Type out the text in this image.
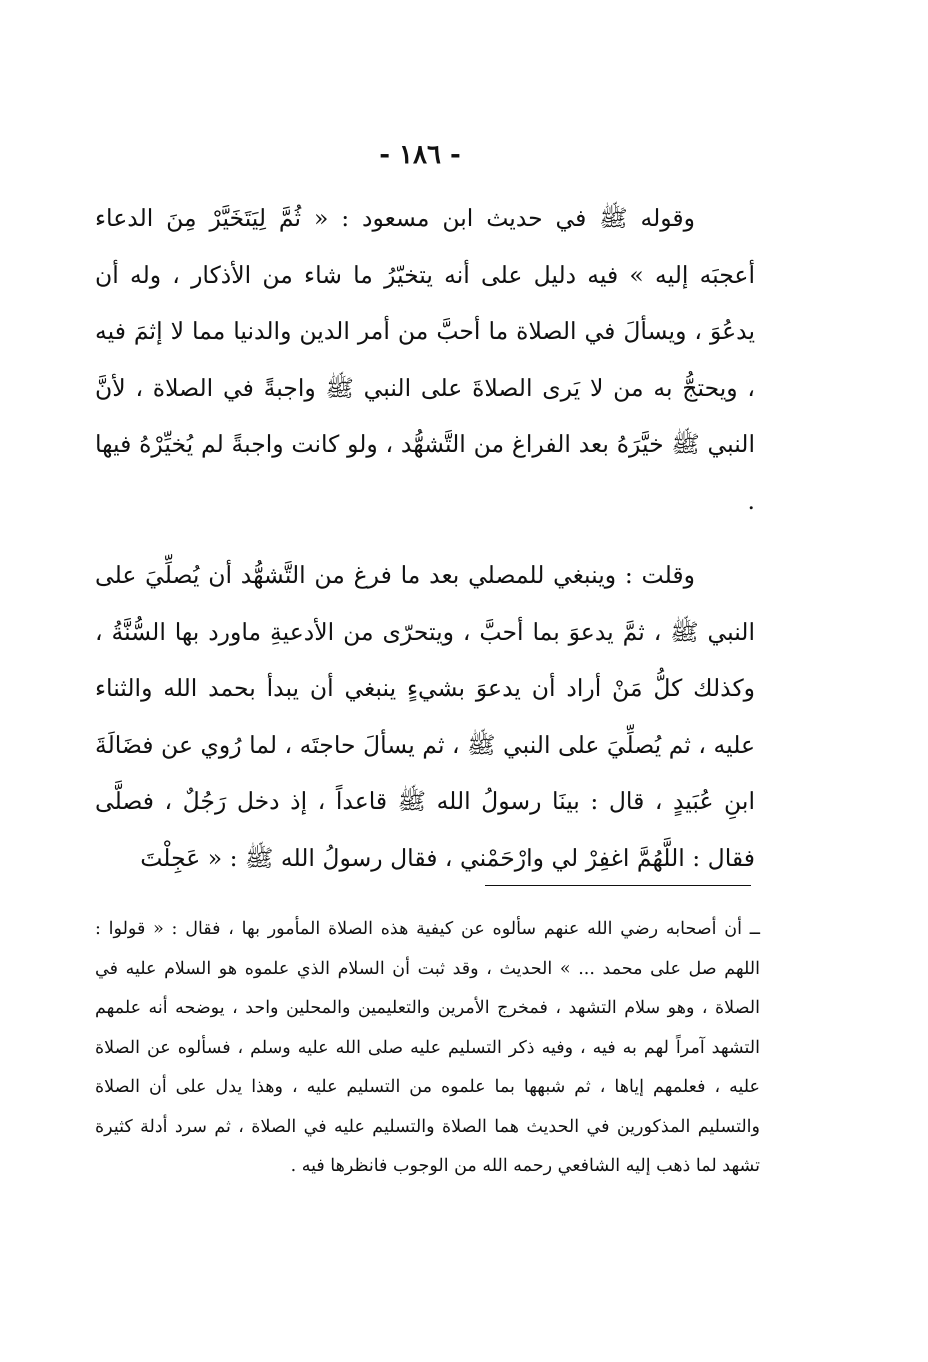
- ١٨٦ -

وقوله ﷺ في حديث ابن مسعود : « ثُمَّ لِيَتَخَيَّرْ مِنَ الدعاء أعجبَه إليه » فيه دليل على أنه يتخيّرُ ما شاء من الأذكار ، وله أن يدعُوَ ، ويسألَ في الصلاة ما أحبَّ من أمر الدين والدنيا مما لا إثمَ فيه ، ويحتجُّ به من لا يَرى الصلاةَ على النبي ﷺ واجبةً في الصلاة ، لأنَّ النبي ﷺ خيَّرَهُ بعد الفراغ من التَّشهُّد ، ولو كانت واجبةً لم يُخيِّرْهُ فيها .

وقلت : وينبغي للمصلي بعد ما فرغ من التَّشهُّد أن يُصلِّيَ على النبي ﷺ ، ثمَّ يدعوَ بما أحبَّ ، ويتحرّى من الأدعيةِ ماورد بها السُّنَّةُ ، وكذلك كلُّ مَنْ أراد أن يدعوَ بشيءٍ ينبغي أن يبدأ بحمد الله والثناء عليه ، ثم يُصلِّيَ على النبي ﷺ ، ثم يسألَ حاجتَه ، لما رُوي عن فضَالَةَ ابنِ عُبَيدٍ ، قال : بينَا رسولُ الله ﷺ قاعداً ، إذ دخل رَجُلٌ ، فصلَّى فقال : اللَّهُمَّ اغفِرْ لي وارْحَمْني ، فقال رسولُ الله ﷺ : « عَجِلْتَ

ــ أن أصحابه رضي الله عنهم سألوه عن كيفية هذه الصلاة المأمور بها ، فقال : « قولوا : اللهم صل على محمد ... » الحديث ، وقد ثبت أن السلام الذي علموه هو السلام عليه في الصلاة ، وهو سلام التشهد ، فمخرج الأمرين والتعليمين والمحلين واحد ، يوضحه أنه علمهم التشهد آمراً لهم به فيه ، وفيه ذكر التسليم عليه صلى الله عليه وسلم ، فسألوه عن الصلاة عليه ، فعلمهم إياها ، ثم شبهها بما علموه من التسليم عليه ، وهذا يدل على أن الصلاة والتسليم المذكورين في الحديث هما الصلاة والتسليم عليه في الصلاة ، ثم سرد أدلة كثيرة تشهد لما ذهب إليه الشافعي رحمه الله من الوجوب فانظرها فيه .
